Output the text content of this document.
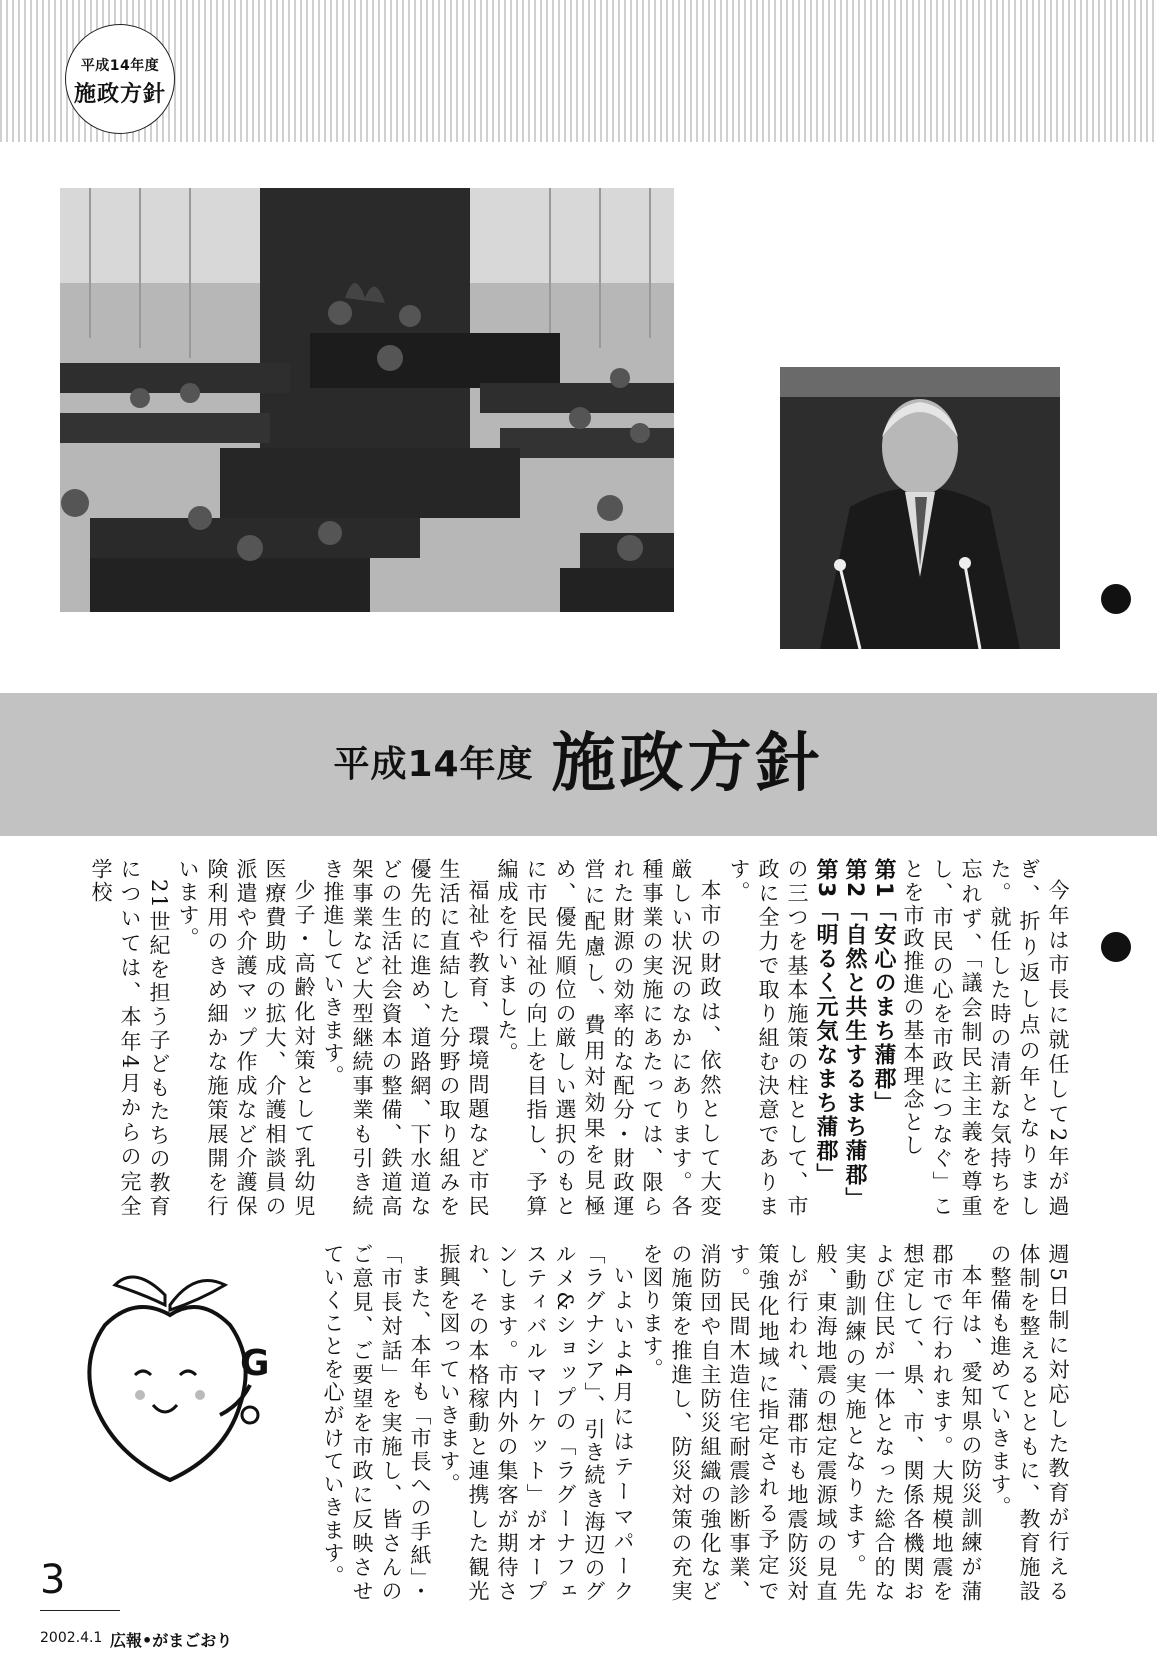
平成14年度
施政方針
平成14年度 施政方針

今年は市長に就任して2年が過ぎ、折り返し点の年となりました。就任した時の清新な気持ちを忘れず、「議会制民主主義を尊重し、市民の心を市政につなぐ」ことを市政推進の基本理念とし

第1「安心のまち蒲郡」

第2「自然と共生するまち蒲郡」

第3「明るく元気なまち蒲郡」

の三つを基本施策の柱として、市政に全力で取り組む決意であります。

本市の財政は、依然として大変厳しい状況のなかにあります。各種事業の実施にあたっては、限られた財源の効率的な配分・財政運営に配慮し、費用対効果を見極め、優先順位の厳しい選択のもとに市民福祉の向上を目指し、予算編成を行いました。

福祉や教育、環境問題など市民生活に直結した分野の取り組みを優先的に進め、道路網、下水道などの生活社会資本の整備、鉄道高架事業など大型継続事業も引き続き推進していきます。

少子・高齢化対策として乳幼児医療費助成の拡大、介護相談員の派遣や介護マップ作成など介護保険利用のきめ細かな施策展開を行います。

21世紀を担う子どもたちの教育については、本年4月からの完全学校

週5日制に対応した教育が行える体制を整えるとともに、教育施設の整備も進めていきます。

本年は、愛知県の防災訓練が蒲郡市で行われます。大規模地震を想定して、県、市、関係各機関および住民が一体となった総合的な実動訓練の実施となります。先般、東海地震の想定震源域の見直しが行われ、蒲郡市も地震防災対策強化地域に指定される予定です。民間木造住宅耐震診断事業、消防団や自主防災組織の強化などの施策を推進し、防災対策の充実を図ります。

いよいよ4月にはテーマパーク「ラグナシア」、引き続き海辺のグルメ&ショップの「ラグーナフェスティバルマーケット」がオープンします。市内外の集客が期待され、その本格稼動と連携した観光振興を図っていきます。

また、本年も「市長への手紙」・「市長対話」を実施し、皆さんのご意見、ご要望を市政に反映させていくことを心がけていきます。

G
3
2002.4.1 広報•がまごおり
